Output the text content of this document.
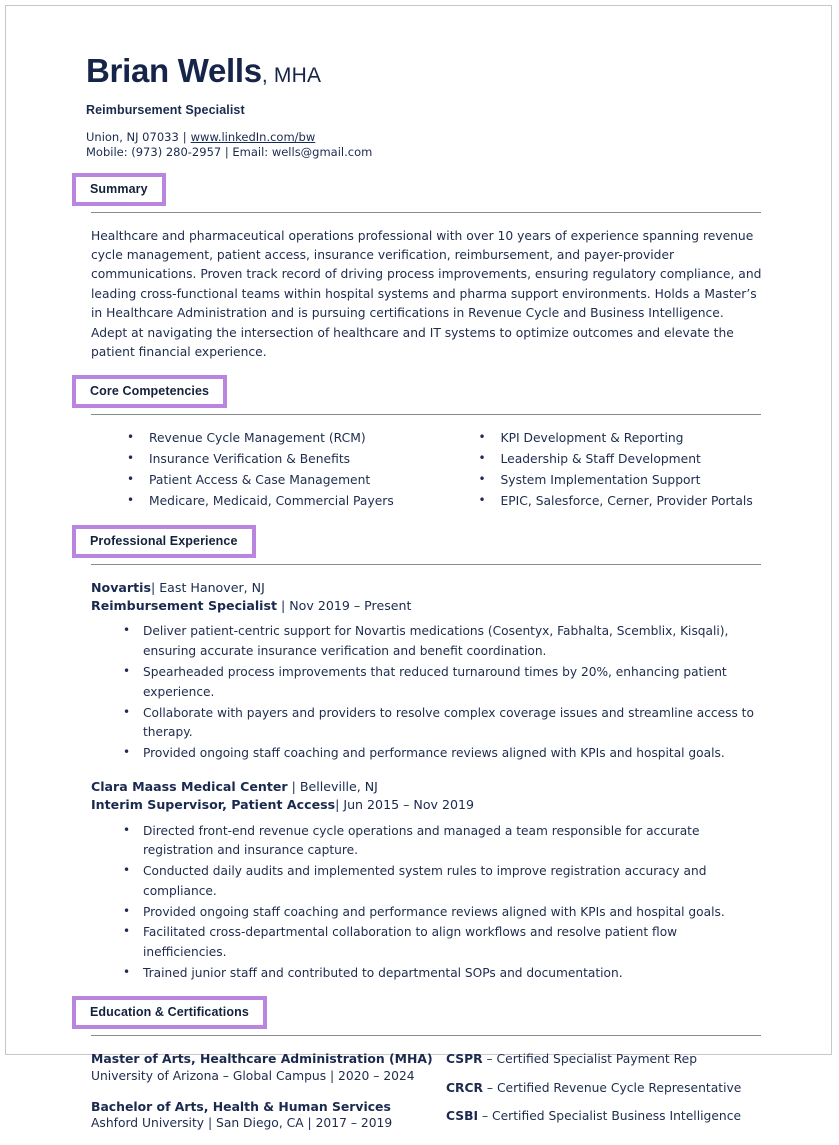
Brian Wells, MHA
Reimbursement Specialist
Union, NJ 07033 | www.linkedIn.com/bw
Mobile: (973) 280-2957 | Email: wells@gmail.com
Summary
Healthcare and pharmaceutical operations professional with over 10 years of experience spanning revenue cycle management, patient access, insurance verification, reimbursement, and payer-provider communications. Proven track record of driving process improvements, ensuring regulatory compliance, and leading cross-functional teams within hospital systems and pharma support environments. Holds a Master’s in Healthcare Administration and is pursuing certifications in Revenue Cycle and Business Intelligence. Adept at navigating the intersection of healthcare and IT systems to optimize outcomes and elevate the patient financial experience.
Core Competencies
• Revenue Cycle Management (RCM)
• Insurance Verification & Benefits
• Patient Access & Case Management
• Medicare, Medicaid, Commercial Payers
• KPI Development & Reporting
• Leadership & Staff Development
• System Implementation Support
• EPIC, Salesforce, Cerner, Provider Portals
Professional Experience
Novartis| East Hanover, NJ
Reimbursement Specialist | Nov 2019 – Present
• Deliver patient-centric support for Novartis medications (Cosentyx, Fabhalta, Scemblix, Kisqali), ensuring accurate insurance verification and benefit coordination.
• Spearheaded process improvements that reduced turnaround times by 20%, enhancing patient experience.
• Collaborate with payers and providers to resolve complex coverage issues and streamline access to therapy.
• Provided ongoing staff coaching and performance reviews aligned with KPIs and hospital goals.
Clara Maass Medical Center | Belleville, NJ
Interim Supervisor, Patient Access| Jun 2015 – Nov 2019
• Directed front-end revenue cycle operations and managed a team responsible for accurate registration and insurance capture.
• Conducted daily audits and implemented system rules to improve registration accuracy and compliance.
• Provided ongoing staff coaching and performance reviews aligned with KPIs and hospital goals.
• Facilitated cross-departmental collaboration to align workflows and resolve patient flow inefficiencies.
• Trained junior staff and contributed to departmental SOPs and documentation.
Education & Certifications
Master of Arts, Healthcare Administration (MHA)
University of Arizona – Global Campus | 2020 – 2024
Bachelor of Arts, Health & Human Services
Ashford University | San Diego, CA | 2017 – 2019
CSPR – Certified Specialist Payment Rep
CRCR – Certified Revenue Cycle Representative
CSBI – Certified Specialist Business Intelligence
